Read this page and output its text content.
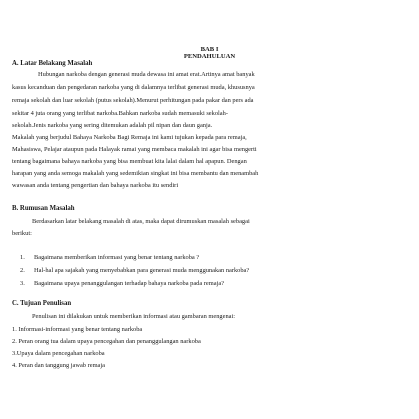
BAB I
PENDAHULUAN
A. Latar Belakang Masalah
Hubungan narkoba dengan generasi muda dewasa ini amat erat.Artinya amat banyak
kasus kecanduan dan pengedaran narkoba yang di dalamnya terlibat generasi muda, khususnya
remaja sekolah dan luar sekolah (putus sekolah).Menurut perhitungan pada pakar dan pers ada
sekitar 4 juta orang yang terlibat narkoba.Bahkan narkoba sudah memasuki sekolah-
sekolah.Jenis narkoba yang sering ditemukan adalah pil nipan dan daun ganja.
Makalah yang berjudul Bahaya Narkoba Bagi Remaja ini kami tujukan kepada para remaja,
Mahasiswa, Pelajar ataupun pada Halayak ramai yang membaca makalah ini agar bisa mengerti
tentang bagaimana bahaya narkoba yang bisa membuat kita lalai dalam hal apapun. Dengan
harapan yang anda semoga makalah yang sedemikian singkat ini bisa membantu dan menambah
wawasan anda tentang pengertian dan bahaya narkoba itu sendiri
B. Rumusan Masalah
Berdasarkan latar belakang masalah di atas, maka dapat dirumuskan masalah sebagai
berikut:
1. Bagaimana memberikan informasi yang benar tentang narkoba ?
2. Hal-hal apa sajakah yang menyebabkan para generasi muda menggunakan narkoba?
3. Bagaimana upaya penanggulangan terhadap bahaya narkoba pada remaja?
C. Tujuan Penulisan
Penulisan ini dilakukan untuk memberikan informasi atau gambaran mengenai:
1. Informasi-informasi yang benar tentang narkoba
2. Peran orang tua dalam upaya pencegahan dan penanggulangan narkoba
3.Upaya dalam pencegahan narkoba
4. Peran dan tanggung jawab remaja
